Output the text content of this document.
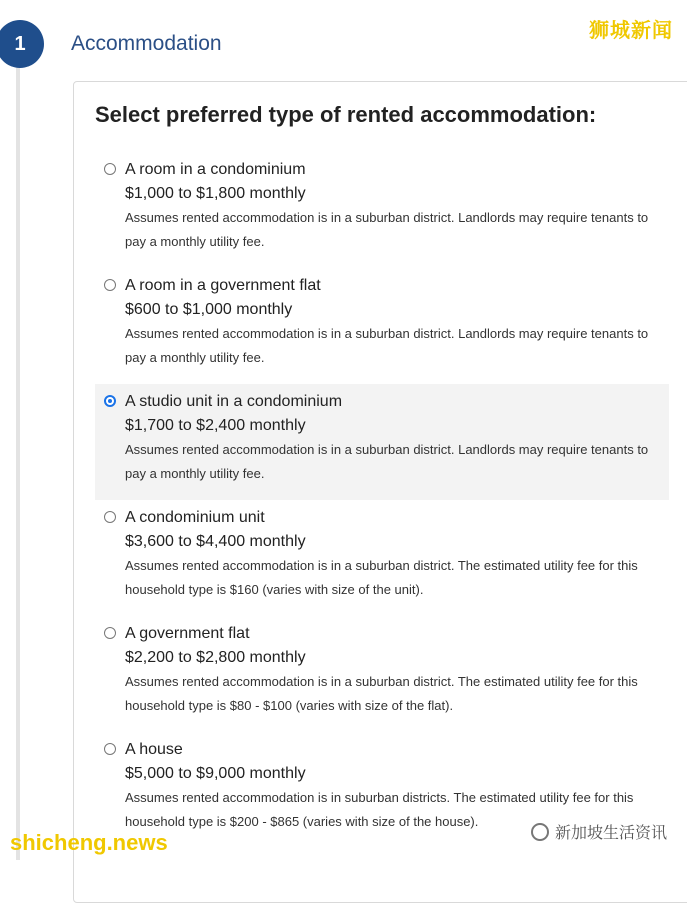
1	Accommodation
狮城新闻
Select preferred type of rented accommodation:
A room in a condominium
$1,000 to $1,800 monthly
Assumes rented accommodation is in a suburban district. Landlords may require tenants to pay a monthly utility fee.
A room in a government flat
$600 to $1,000 monthly
Assumes rented accommodation is in a suburban district. Landlords may require tenants to pay a monthly utility fee.
A studio unit in a condominium
$1,700 to $2,400 monthly
Assumes rented accommodation is in a suburban district. Landlords may require tenants to pay a monthly utility fee.
A condominium unit
$3,600 to $4,400 monthly
Assumes rented accommodation is in a suburban district. The estimated utility fee for this household type is $160 (varies with size of the unit).
A government flat
$2,200 to $2,800 monthly
Assumes rented accommodation is in a suburban district. The estimated utility fee for this household type is $80 - $100 (varies with size of the flat).
A house
$5,000 to $9,000 monthly
Assumes rented accommodation is in suburban districts. The estimated utility fee for this household type is $200 - $865 (varies with size of the house).
shicheng.news	新加坡生活资讯
